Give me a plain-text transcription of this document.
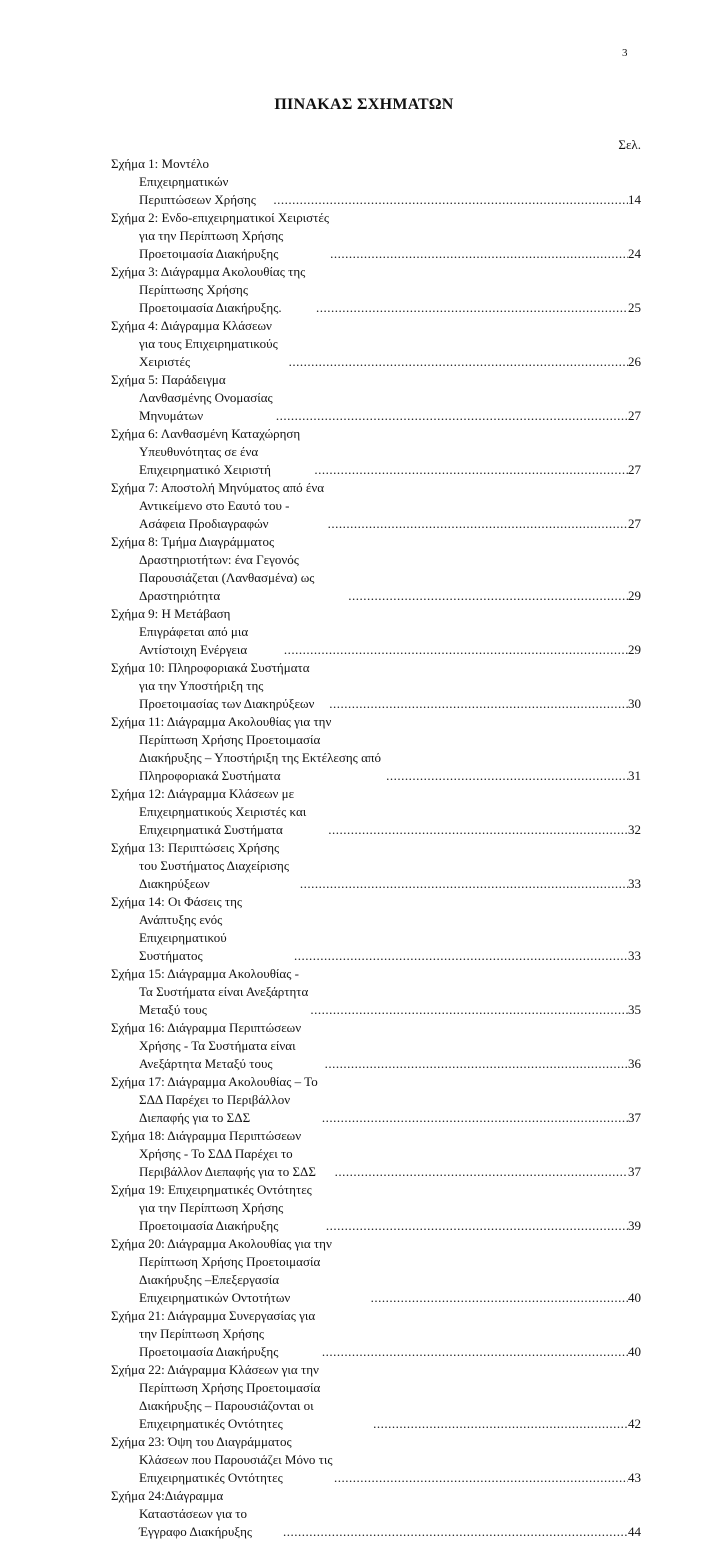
3
ΠΙΝΑΚΑΣ ΣΧΗΜΑΤΩΝ
Σελ.
Σχήμα 1: Μοντέλο Επιχειρηματικών Περιπτώσεων Χρήσης .....	14
Σχήμα 2: Ενδο-επιχειρηματικοί Χειριστές για την Περίπτωση Χρήσης Προετοιμασία Διακήρυξης .....	24
Σχήμα 3: Διάγραμμα Ακολουθίας της Περίπτωσης Χρήσης Προετοιμασία Διακήρυξης. .....	25
Σχήμα 4: Διάγραμμα Κλάσεων για τους Επιχειρηματικούς Χειριστές .....	26
Σχήμα 5: Παράδειγμα Λανθασμένης Ονομασίας Μηνυμάτων .....	27
Σχήμα 6: Λανθασμένη Καταχώρηση Υπευθυνότητας σε ένα Επιχειρηματικό Χειριστή .....	27
Σχήμα 7: Αποστολή Μηνύματος από ένα Αντικείμενο στο Εαυτό του - Ασάφεια Προδιαγραφών .....	27
Σχήμα 8: Τμήμα Διαγράμματος Δραστηριοτήτων: ένα Γεγονός Παρουσιάζεται (Λανθασμένα) ως Δραστηριότητα .....	29
Σχήμα 9: Η Μετάβαση Επιγράφεται από μια Αντίστοιχη Ενέργεια .....	29
Σχήμα 10: Πληροφοριακά Συστήματα για την Υποστήριξη της Προετοιμασίας των Διακηρύξεων .....	30
Σχήμα 11: Διάγραμμα Ακολουθίας για την Περίπτωση Χρήσης Προετοιμασία Διακήρυξης – Υποστήριξη της Εκτέλεσης από Πληροφοριακά Συστήματα .....	31
Σχήμα 12: Διάγραμμα Κλάσεων με Επιχειρηματικούς Χειριστές και Επιχειρηματικά Συστήματα .....	32
Σχήμα 13: Περιπτώσεις Χρήσης του Συστήματος Διαχείρισης Διακηρύξεων .....	33
Σχήμα 14: Οι Φάσεις της Ανάπτυξης ενός Επιχειρηματικού Συστήματος .....	33
Σχήμα 15: Διάγραμμα Ακολουθίας - Τα Συστήματα είναι Ανεξάρτητα Μεταξύ τους .....	35
Σχήμα 16: Διάγραμμα Περιπτώσεων Χρήσης - Τα Συστήματα είναι Ανεξάρτητα Μεταξύ τους .....	36
Σχήμα 17: Διάγραμμα Ακολουθίας – Το ΣΔΔ Παρέχει το Περιβάλλον Διεπαφής για το ΣΔΣ .....	37
Σχήμα 18: Διάγραμμα Περιπτώσεων Χρήσης - Το ΣΔΔ Παρέχει το Περιβάλλον Διεπαφής για το ΣΔΣ .....	37
Σχήμα 19: Επιχειρηματικές Οντότητες για την Περίπτωση Χρήσης Προετοιμασία Διακήρυξης .....	39
Σχήμα 20: Διάγραμμα Ακολουθίας για την Περίπτωση Χρήσης Προετοιμασία Διακήρυξης –Επεξεργασία Επιχειρηματικών Οντοτήτων .....	40
Σχήμα 21: Διάγραμμα Συνεργασίας για την Περίπτωση Χρήσης Προετοιμασία Διακήρυξης .....	40
Σχήμα 22: Διάγραμμα Κλάσεων για την Περίπτωση Χρήσης Προετοιμασία Διακήρυξης – Παρουσιάζονται οι Επιχειρηματικές Οντότητες .....	42
Σχήμα 23: Όψη του Διαγράμματος Κλάσεων που Παρουσιάζει Μόνο τις Επιχειρηματικές Οντότητες .....	43
Σχήμα 24:Διάγραμμα Καταστάσεων για το Έγγραφο Διακήρυξης .....	44
